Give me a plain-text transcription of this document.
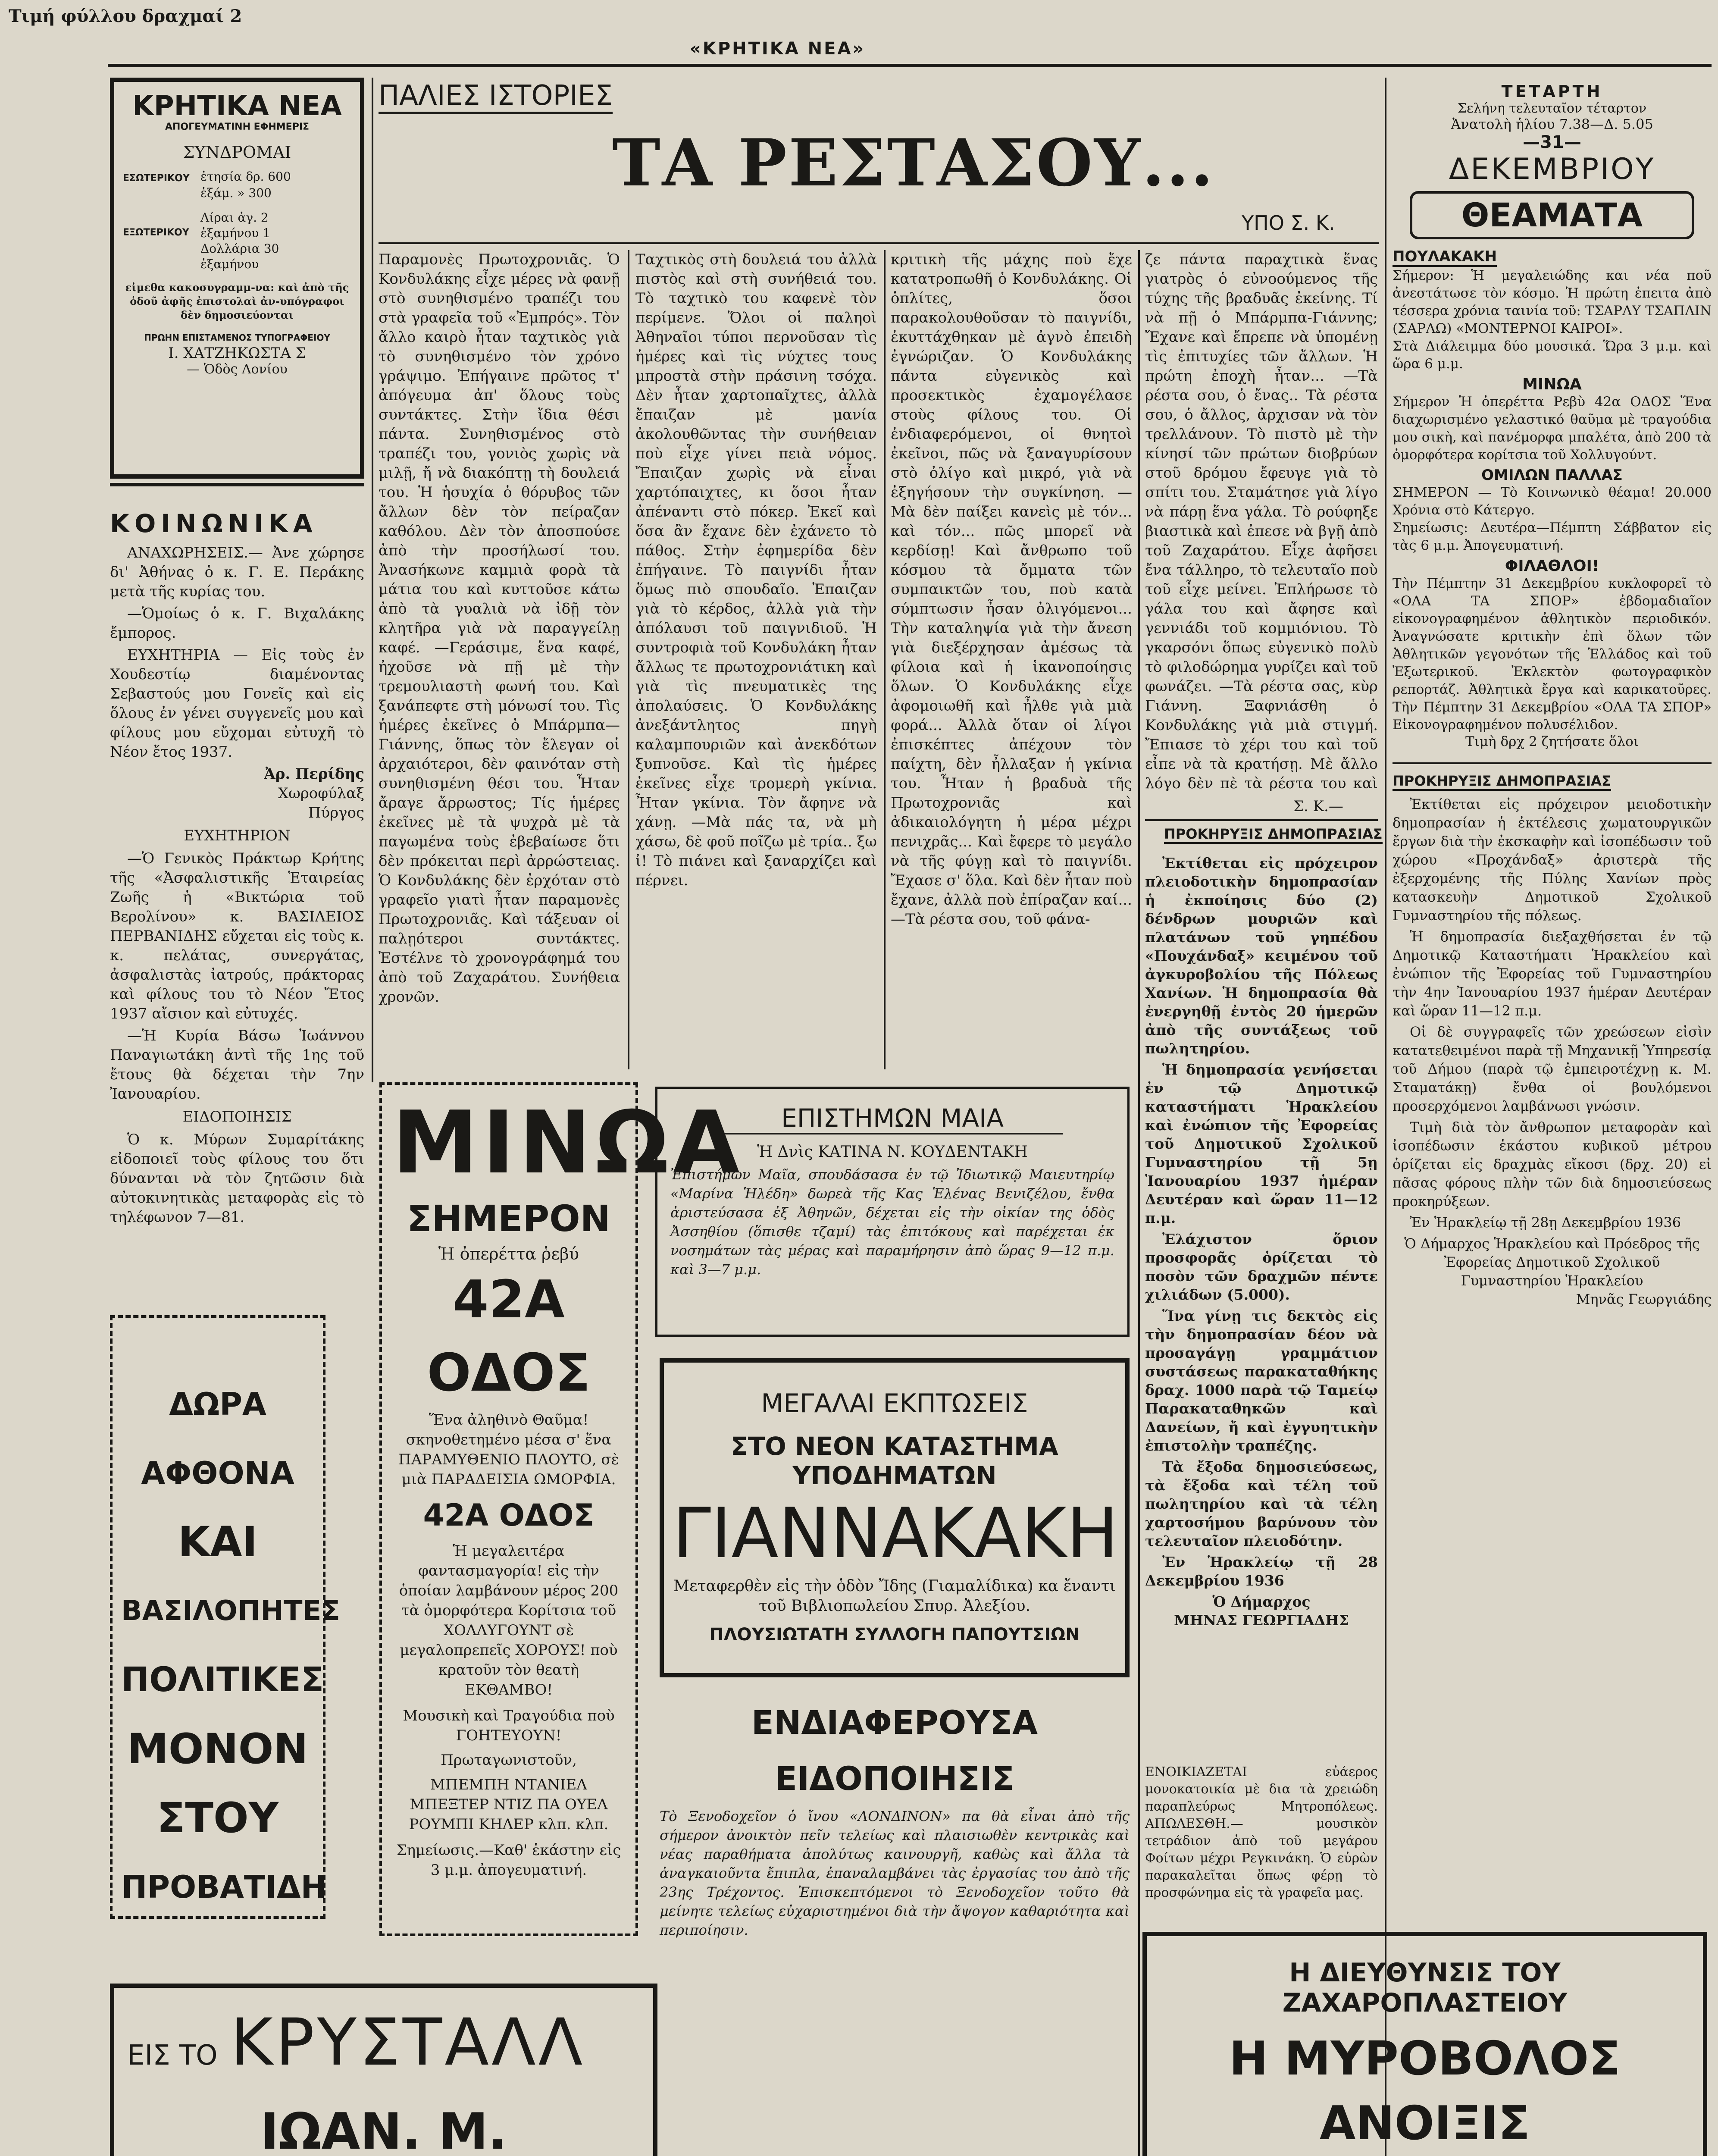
Τιμή φύλλου δραχμαί 2
«ΚΡΗΤΙΚΑ ΝΕΑ»
ΚΡΗΤΙΚΑ ΝΕΑ
ΑΠΟΓΕΥΜΑΤΙΝΗ ΕΦΗΜΕΡΙΣ
ΣΥΝΔΡΟΜΑΙ
ΕΣΩΤΕΡΙΚΟΥ ἐτησία δρ. 600
ἑξάμ. » 300
ΕΞΩΤΕΡΙΚΟΥ
Λίραι ἀγ. 2
ἑξαμήνου 1
Δολλάρια 30
ἑξαμήνου
εἰμεθα κακοσυγραμμ-να: καὶ ἀπὸ τῆς ὁδοῦ ἀφῆς ἐπιστολαὶ ἀν-υπόγραφοι δὲν δημοσιεύονται
ΠΡΩΗΝ ΕΠΙΣΤΑΜΕΝΟΣ ΤΥΠΟΓΡΑΦΕΙΟΥ
Ι. ΧΑΤΖΗΚΩΣΤΑ Σ
— Ὁδὸς Λονίου
ΚΟΙΝΩΝΙΚΑ

ΑΝΑΧΩΡΗΣΕΙΣ.— Ἀνε χώρησε δι' Ἀθήνας ὁ κ. Γ. Ε. Περάκης μετὰ τῆς κυρίας του.

—Ὁμοίως ὁ κ. Γ. Βιχαλάκης ἔμπορος.

ΕΥΧΗΤΗΡΙΑ — Εἰς τοὺς ἐν Χουδεστίῳ διαμένοντας Σεβαστούς μου Γονεῖς καὶ εἰς ὅλους ἐν γένει συγγενεῖς μου καὶ φίλους μου εὔχομαι εὐτυχῆ τὸ Νέον ἔτος 1937.

Ἀρ. Περίδης
Χωροφύλαξ
Πύργος
ΕΥΧΗΤΗΡΙΟΝ

—Ὁ Γενικὸς Πράκτωρ Κρήτης τῆς «Ἀσφαλιστικῆς Ἑταιρείας Ζωῆς ἡ «Βικτώρια τοῦ Βερολίνου» κ. ΒΑΣΙΛΕΙΟΣ ΠΕΡΒΑΝΙΔΗΣ εὔχεται εἰς τοὺς κ. κ. πελάτας, συνεργάτας, ἀσφαλιστὰς ἰατρούς, πράκτορας καὶ φίλους του τὸ Νέον Ἔτος 1937 αἴσιον καὶ εὐτυχές.

—Ἡ Κυρία Βάσω Ἰωάννου Παναγιωτάκη ἀντὶ τῆς 1ης τοῦ ἔτους θὰ δέχεται τὴν 7ην Ἰανουαρίου.

ΕΙΔΟΠΟΙΗΣΙΣ

Ὁ κ. Μύρων Συμαρίτάκης εἰδοποιεῖ τοὺς φίλους του ὅτι δύνανται νὰ τὸν ζητῶσιν διὰ αὐτοκινητικὰς μεταφορὰς εἰς τὸ τηλέφωνον 7—81.

ΔΩΡΑ ΑΦΘΟΝΑ
ΚΑΙ
ΒΑΣΙΛΟΠΗΤΕΣ
ΠΟΛΙΤΙΚΕΣ
ΜΟΝΟΝ
ΣΤΟΥ
ΠΡΟΒΑΤΙΔΗ
ΠΑΛΙΕΣ ΙΣΤΟΡΙΕΣ
ΤΑ ΡΕΣΤΑΣΟΥ...
ΥΠΟ Σ. Κ.
Παραμονὲς Πρωτοχρονιᾶς. Ὁ Κονδυλάκης εἶχε μέρες νὰ φανῇ στὸ συνηθισμένο τραπέζι του στὰ γραφεῖα τοῦ «Ἐμπρός». Τὸν ἄλλο καιρὸ ἦταν ταχτικὸς γιὰ τὸ συνηθισμένο τὸν χρόνο γράψιμο. Ἐπήγαινε πρῶτος τ' ἀπόγευμα ἀπ' ὅλους τοὺς συντάκτες. Στὴν ἴδια θέσι πάντα. Συνηθισμένος στὸ τραπέζι του, γονιὸς χωρὶς νὰ μιλῇ, ἤ νὰ διακόπτῃ τὴ δουλειά του. Ἡ ἡσυχία ὁ θόρυβος τῶν ἄλλων δὲν τὸν πείραζαν καθόλου. Δὲν τὸν ἀποσπούσε ἀπὸ τὴν προσήλωσί του. Ἀνασήκωνε καμμιὰ φορὰ τὰ μάτια του καὶ κυττοῦσε κάτω ἀπὸ τὰ γυαλιὰ νὰ ἰδῇ τὸν κλητῆρα γιὰ νὰ παραγγείλῃ καφέ. —Γεράσιμε, ἕνα καφέ, ἠχοῦσε νὰ πῇ μὲ τὴν τρεμουλιαστὴ φωνή του. Καὶ ξανάπεφτε στὴ μόνωσί του. Τὶς ἡμέρες ἐκεῖνες ὁ Μπάρμπα—Γιάννης, ὅπως τὸν ἔλεγαν οἱ ἀρχαιότεροι, δὲν φαινόταν στὴ συνηθισμένη θέσι του. Ἦταν ἄραγε ἄρρωστος; Τίς ἡμέρες ἐκεῖνες μὲ τὰ ψυχρὰ μὲ τὰ παγωμένα τοὺς ἐβεβαίωσε ὅτι δὲν πρόκειται περὶ ἀρρώστειας. Ὁ Κονδυλάκης δὲν ἐρχόταν στὸ γραφεῖο γιατὶ ἦταν παραμονὲς Πρωτοχρονιᾶς. Καὶ τάξευαν οἱ παλῃότεροι συντάκτες. Ἐστέλνε τὸ χρονογράφημά του ἀπὸ τοῦ Ζαχαράτου. Συνήθεια χρονῶν.
Ταχτικὸς στὴ δουλειά του ἀλλὰ πιστὸς καὶ στὴ συνήθειά του. Τὸ ταχτικὸ του καφενὲ τὸν περίμενε. Ὅλοι οἱ παληοὶ Ἀθηναῖοι τύποι περνοῦσαν τὶς ἡμέρες καὶ τὶς νύχτες τους μπροστὰ στὴν πράσινη τσόχα. Δὲν ἦταν χαρτοπαῖχτες, ἀλλὰ ἔπαιζαν μὲ μανία ἀκολουθῶντας τὴν συνήθειαν ποὺ εἶχε γίνει πειὰ νόμος. Ἔπαιζαν χωρὶς νὰ εἶναι χαρτόπαιχτες, κι ὅσοι ἦταν ἀπέναντι στὸ πόκερ. Ἐκεῖ καὶ ὅσα ἂν ἔχανε δὲν ἐχάνετο τὸ πάθος. Στὴν ἐφημερίδα δὲν ἐπήγαινε. Τὸ παιγνίδι ἦταν ὅμως πιὸ σπουδαῖο. Ἐπαιζαν γιὰ τὸ κέρδος, ἀλλὰ γιὰ τὴν ἀπόλαυσι τοῦ παιγνιδιοῦ. Ἡ συντροφιὰ τοῦ Κονδυλάκη ἦταν ἄλλως τε πρωτοχρονιάτικη καὶ γιὰ τὶς πνευματικὲς της ἀπολαύσεις. Ὁ Κονδυλάκης ἀνεξάντλητος πηγὴ καλαμπουριῶν καὶ ἀνεκδότων ξυπνοῦσε. Καὶ τὶς ἡμέρες ἐκεῖνες εἶχε τρομερὴ γκίνια. Ἦταν γκίνια. Τὸν ἄφηνε νὰ χάνῃ. —Μὰ πάς τα, νὰ μὴ χάσω, δὲ φοῦ ποῖζω μὲ τρία.. ξω ἰ! Τὸ πιάνει καὶ ξαναρχίζει καὶ πέρνει.
κριτικὴ τῆς μάχης ποὺ ἔχε κατατροπωθῆ ὁ Κονδυλάκης. Οἱ ὁπλίτες, ὅσοι παρακολουθοῦσαν τὸ παιγνίδι, ἐκυττάχθηκαν μὲ ἀγνὸ ἐπειδὴ ἐγνώριζαν. Ὁ Κονδυλάκης πάντα εὐγενικὸς καὶ προσεκτικὸς ἐχαμογέλασε στοὺς φίλους του. Οἱ ἐνδιαφερόμενοι, οἱ θνητοὶ ἐκεῖνοι, πῶς νὰ ξαναγυρίσουν στὸ ὀλίγο καὶ μικρό, γιὰ νὰ ἐξηγήσουν τὴν συγκίνηση. —Μὰ δὲν παίξει κανεὶς μὲ τόν... καὶ τόν... πῶς μπορεῖ νὰ κερδίσῃ! Καὶ ἄνθρωπο τοῦ κόσμου τὰ ὄμματα τῶν συμπαικτῶν του, ποὺ κατὰ σύμπτωσιν ἦσαν ὀλιγόμενοι... Τὴν καταληψία γιὰ τὴν ἄνεση γιὰ διεξέρχησαν ἀμέσως τὰ φίλοια καὶ ἡ ἱκανοποίησις ὅλων. Ὁ Κονδυλάκης εἶχε ἀφομοιωθῆ καὶ ἦλθε γιὰ μιὰ φορά... Ἀλλὰ ὅταν οἱ λίγοι ἐπισκέπτες ἀπέχουν τὸν παίχτη, δὲν ἦλλαξαν ἡ γκίνια του. Ἦταν ἡ βραδυὰ τῆς Πρωτοχρονιᾶς καὶ ἀδικαιολόγητη ἡ μέρα μέχρι πενιχρᾶς... Καὶ ἔφερε τὸ μεγάλο νὰ τῆς φύγῃ καὶ τὸ παιγνίδι. Ἔχασε σ' ὅλα. Καὶ δὲν ἦταν ποὺ ἔχανε, ἀλλὰ ποὺ ἐπίραζαν καί... —Τὰ ρέστα σου, τοῦ φάνα-
ζε πάντα παραχτικὰ ἕνας γιατρὸς ὁ εὐνοούμενος τῆς τύχης τῆς βραδυᾶς ἐκείνης. Τί νὰ πῇ ὁ Μπάρμπα-Γιάννης; Ἔχανε καὶ ἔπρεπε νὰ ὑπομένῃ τὶς ἐπιτυχίες τῶν ἄλλων. Ἡ πρώτη ἐποχὴ ἦταν... —Τὰ ρέστα σου, ὁ ἔνας.. Τὰ ρέστα σου, ὁ ἄλλος, ἀρχισαν νὰ τὸν τρελλάνουν. Τὸ πιστὸ μὲ τὴν κίνησί τῶν πρώτων διοβρύων στοῦ δρόμου ἔφευγε γιὰ τὸ σπίτι του. Σταμάτησε γιὰ λίγο νὰ πάρῃ ἕνα γάλα. Τὸ ρούφηξε βιαστικὰ καὶ ἐπεσε νὰ βγῇ ἀπὸ τοῦ Ζαχαράτου. Εἶχε ἀφῆσει ἔνα τάλληρο, τὸ τελευταῖο ποὺ τοῦ εἶχε μείνει. Ἐπλήρωσε τὸ γάλα του καὶ ἄφησε καὶ γεννιάδι τοῦ κομμιόνιου. Τὸ γκαρσόνι ὅπως εὐγενικὸ πολὺ τὸ φιλοδώρημα γυρίζει καὶ τοῦ φωνάζει. —Τὰ ρέστα σας, κὺρ Γιάννη. Ξαφνιάσθη ὁ Κονδυλάκης γιὰ μιὰ στιγμή. Ἔπιασε τὸ χέρι του καὶ τοῦ εἶπε νὰ τὰ κρατήσῃ. Μὲ ἄλλο λόγο δὲν πὲ τὰ ρέστα του καὶ
Σ. Κ.—
ΠΡΟΚΗΡΥΞΙΣ ΔΗΜΟΠΡΑΣΙΑΣ

Ἐκτίθεται εἰς πρόχειρον πλειοδοτικὴν δημοπρασίαν ἡ ἐκποίησις δύο (2) δένδρων μουριῶν καὶ πλατάνων τοῦ γηπέδου «Πουχάνδαξ» κειμένου τοῦ ἀγκυροβολίου τῆς Πόλεως Χανίων. Ἡ δημοπρασία θὰ ἐνεργηθῇ ἐντὸς 20 ἡμερῶν ἀπὸ τῆς συντάξεως τοῦ πωλητηρίου.

Ἡ δημοπρασία γενήσεται ἐν τῷ Δημοτικῷ καταστήματι Ἡρακλείου καὶ ἐνώπιον τῆς Ἐφορείας τοῦ Δημοτικοῦ Σχολικοῦ Γυμναστηρίου τῇ 5ῃ Ἰανουαρίου 1937 ἡμέραν Δευτέραν καὶ ὥραν 11—12 π.μ.

Ἐλάχιστον ὅριον προσφορᾶς ὁρίζεται τὸ ποσὸν τῶν δραχμῶν πέντε χιλιάδων (5.000).

Ἵνα γίνῃ τις δεκτὸς εἰς τὴν δημοπρασίαν δέον νὰ προσαγάγῃ γραμμάτιον συστάσεως παρακαταθήκης δραχ. 1000 παρὰ τῷ Ταμείῳ Παρακαταθηκῶν καὶ Δανείων, ἤ καὶ ἐγγυητικὴν ἐπιστολὴν τραπέζης.

Τὰ ἔξοδα δημοσιεύσεως, τὰ ἔξοδα καὶ τέλη τοῦ πωλητηρίου καὶ τὰ τέλη χαρτοσήμου βαρύνουν τὸν τελευταῖον πλειοδότην.

Ἐν Ἡρακλείῳ τῇ 28 Δεκεμβρίου 1936

Ὁ Δήμαρχος
ΜΗΝΑΣ ΓΕΩΡΓΙΑΔΗΣ
ΕΝΟΙΚΙΑΖΕΤΑΙ εὐάερος μονοκατοικία μὲ δια τὰ χρειώδη παραπλεύρως Μητροπόλεως. ΑΠΩΛΕΣΘΗ.— μουσικὸν τετράδιον ἀπὸ τοῦ μεγάρου Φοίτων μέχρι Ρεγκινάκη. Ὁ εὑρὼν παρακαλεῖται ὅπως φέρῃ τὸ προσφώνημα εἰς τὰ γραφεῖα μας.
ΜΙΝΩΑ
ΣΗΜΕΡΟΝ
Ἡ ὀπερέττα ῥεβύ
42Α ΟΔΟΣ
Ἕνα ἀληθινὸ Θαῦμα! σκηνοθετημένο μέσα σ' ἕνα ΠΑΡΑΜΥΘΕΝΙΟ ΠΛΟΥΤΟ, σὲ μιὰ ΠΑΡΑΔΕΙΣΙΑ ΩΜΟΡΦΙΑ.
42Α ΟΔΟΣ
Ἡ μεγαλειτέρα φαντασμαγορία! εἰς τὴν ὁποίαν λαμβάνουν μέρος 200 τὰ ὀμορφότερα Κορίτσια τοῦ ΧΟΛΛΥΓΟΥΝΤ σὲ μεγαλοπρεπεῖς ΧΟΡΟΥΣ! ποὺ κρατοῦν τὸν θεατὴ ΕΚΘΑΜΒΟ!
Μουσικὴ καὶ Τραγούδια ποὺ ΓΟΗΤΕΥΟΥΝ!
Πρωταγωνιστοῦν,
ΜΠΕΜΠΗ ΝΤΑΝΙΕΛ ΜΠΕΞΤΕΡ ΝΤΙΖ ΠΑ ΟΥΕΛ ΡΟΥΜΠΙ ΚΗΛΕΡ κλπ. κλπ.
Σημείωσις.—Καθ' ἑκάστην εἰς 3 μ.μ. ἀπογευματινή.
ΕΠΙΣΤΗΜΩΝ ΜΑΙΑ
Ἡ Δνὶς ΚΑΤΙΝΑ Ν. ΚΟΥΔΕΝΤΑΚΗ
Ἐπιστήμων Μαῖα, σπουδάσασα ἐν τῷ Ἰδιωτικῷ Μαιευτηρίῳ «Μαρίνα Ἡλέδη» δωρεὰ τῆς Κας Ἑλένας Βενιζέλου, ἔνθα ἀριστεύσασα ἐξ Ἀθηνῶν, δέχεται εἰς τὴν οἰκίαν της ὁδὸς Ἀσσηθίου (ὅπισθε τζαμί) τὰς ἐπιτόκους καὶ παρέχεται ἐκ νοσημάτων τὰς μέρας καὶ παραμήρησιν ἀπὸ ὥρας 9—12 π.μ. καὶ 3—7 μ.μ.
ΜΕΓΑΛΑΙ ΕΚΠΤΩΣΕΙΣ
ΣΤΟ ΝΕΟΝ ΚΑΤΑΣΤΗΜΑ ΥΠΟΔΗΜΑΤΩΝ
ΓΙΑΝΝΑΚΑΚΗ
Μεταφερθὲν εἰς τὴν ὁδὸν Ἴδης (Γιαμαλίδικα) κα ἔναντι τοῦ Βιβλιοπωλείου Σπυρ. Ἀλεξίου.
ΠΛΟΥΣΙΩΤΑΤΗ ΣΥΛΛΟΓΗ ΠΑΠΟΥΤΣΙΩΝ
ΕΝΔΙΑΦΕΡΟΥΣΑ ΕΙΔΟΠΟΙΗΣΙΣ
Τὸ Ξενοδοχεῖον ὁ ἴνου «ΛΟΝΔΙΝΟΝ» πα θὰ εἶναι ἀπὸ τῆς σήμερον ἀνοικτὸν πεῖν τελείως καὶ πλαισιωθὲν κεντρικὰς καὶ νέας παραθήματα ἀπολύτως καινουργῆ, καθὼς καὶ ἄλλα τὰ ἀναγκαιοῦντα ἔπιπλα, ἐπαναλαμβάνει τὰς ἐργασίας του ἀπὸ τῆς 23ης Τρέχοντος. Ἐπισκεπτόμενοι τὸ Ξενοδοχεῖον τοῦτο θὰ μείνητε τελείως εὐχαριστημένοι διὰ τὴν ἄψογον καθαριότητα καὶ περιποίησιν.
ΕΙΣ ΤΟ ΚΡΥΣΤΑΛΛ
ΙΩΑΝ. Μ.
Η ΔΙΕΥΘΥΝΣΙΣ ΤΟΥ ΖΑΧΑΡΟΠΛΑΣΤΕΙΟΥ
Η ΜΥΡΟΒΟΛΟΣ ΑΝΟΙΞΙΣ
ΤΕΤΑΡΤΗ
Σελήνη τελευταῖον τέταρτον
Ἀνατολὴ ἡλίου 7.38—Δ. 5.05
—31—
ΔΕΚΕΜΒΡΙΟΥ
ΘΕΑΜΑΤΑ
ΠΟΥΛΑΚΑΚΗ
Σήμερον: Ἡ μεγαλειώδης και νέα ποῦ ἀνεστάτωσε τὸν κόσμο. Ἡ πρώτη ἐπειτα ἀπὸ τέσσερα χρόνια ταινία τοῦ: ΤΣΑΡΛΥ ΤΣΑΠΛΙΝ (ΣΑΡΛΩ) «ΜΟΝΤΕΡΝΟΙ ΚΑΙΡΟΙ».
Στὰ Διάλειμμα δύο μουσικά. Ὥρα 3 μ.μ. καὶ ὥρα 6 μ.μ.
ΜΙΝΩΑ
Σήμερον Ἡ ὀπερέττα Ρεβὺ 42α ΟΔΟΣ Ἕνα διαχωρισμένο γελαστικό θαῦμα μὲ τραγούδια μου σικὴ, καὶ πανέμορφα μπαλέτα, ἀπὸ 200 τὰ ὀμορφότερα κορίτσια τοῦ Χολλυγούντ.
ΟΜΙΛΩΝ ΠΑΛΛΑΣ
ΣΗΜΕΡΟΝ — Τὸ Κοινωνικὸ θέαμα! 20.000 Χρόνια στὸ Κάτεργο.
Σημείωσις: Δευτέρα—Πέμπτη Σάββατον εἰς τὰς 6 μ.μ. Ἀπογευματινή.
ΦΙΛΑΘΛΟΙ!
Τὴν Πέμπτην 31 Δεκεμβρίου κυκλοφορεῖ τὸ «ΟΛΑ ΤΑ ΣΠΟΡ» ἑβδομαδιαῖον εἰκονογραφημένον ἀθλητικὸν περιοδικόν. Ἀναγνώσατε κριτικὴν ἐπὶ ὅλων τῶν Ἀθλητικῶν γεγονότων τῆς Ἑλλάδος καὶ τοῦ Ἐξωτερικοῦ. Ἐκλεκτὸν φωτογραφικὸν ρεπορτάζ. Ἀθλητικὰ ἔργα καὶ καρικατοῦρες. Τὴν Πέμπτην 31 Δεκεμβρίου «ΟΛΑ ΤΑ ΣΠΟΡ» Εἰκονογραφημένον πολυσέλιδον.
Τιμὴ δρχ 2 ζητήσατε ὅλοι
ΠΡΟΚΗΡΥΞΙΣ ΔΗΜΟΠΡΑΣΙΑΣ

Ἐκτίθεται εἰς πρόχειρον μειοδοτικὴν δημοπρασίαν ἡ ἐκτέλεσις χωματουργικῶν ἔργων διὰ τὴν ἐκσκαφὴν καὶ ἰσοπέδωσιν τοῦ χώρου «Προχάνδαξ» ἀριστερὰ τῆς ἐξερχομένης τῆς Πύλης Χανίων πρὸς κατασκευὴν Δημοτικοῦ Σχολικοῦ Γυμναστηρίου τῆς πόλεως.

Ἡ δημοπρασία διεξαχθήσεται ἐν τῷ Δημοτικῷ Καταστήματι Ἡρακλείου καὶ ἐνώπιον τῆς Ἐφορείας τοῦ Γυμναστηρίου τὴν 4ην Ἰανουαρίου 1937 ἡμέραν Δευτέραν καὶ ὥραν 11—12 π.μ.

Οἱ δὲ συγγραφεῖς τῶν χρεώσεων εἰσὶν κατατεθειμένοι παρὰ τῇ Μηχανικῇ Ὑπηρεσίᾳ τοῦ Δήμου (παρὰ τῷ ἐμπειροτέχνῃ κ. Μ. Σταματάκῃ) ἔνθα οἱ βουλόμενοι προσερχόμενοι λαμβάνωσι γνώσιν.

Τιμὴ διὰ τὸν ἄνθρωπον μεταφορὰν καὶ ἰσοπέδωσιν ἑκάστου κυβικοῦ μέτρου ὁρίζεται εἰς δραχμὰς εἴκοσι (δρχ. 20) εἰ πᾶσας φόρους πλὴν τῶν διὰ δημοσιεύσεως προκηρύξεων.

Ἐν Ἡρακλείῳ τῇ 28ῃ Δεκεμβρίου 1936

Ὁ Δήμαρχος Ἡρακλείου καὶ Πρόεδρος τῆς Ἐφορείας Δημοτικοῦ Σχολικοῦ Γυμναστηρίου Ἡρακλείου
Μηνᾶς Γεωργιάδης
